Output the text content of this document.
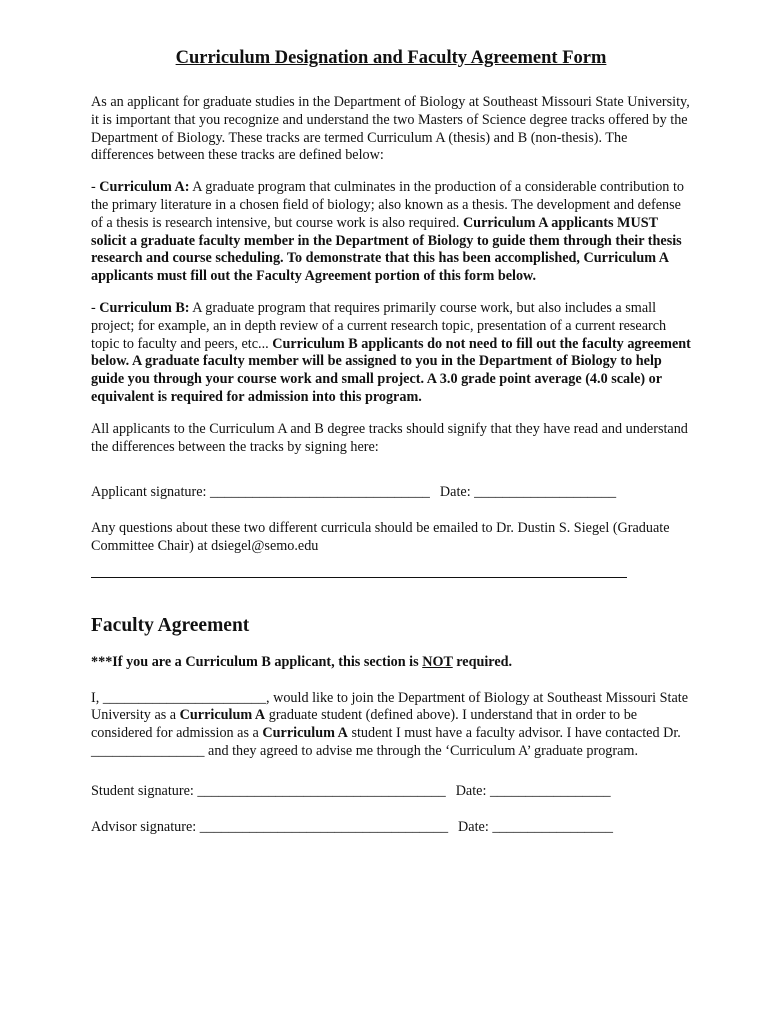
Curriculum Designation and Faculty Agreement Form

As an applicant for graduate studies in the Department of Biology at Southeast Missouri State University, it is important that you recognize and understand the two Masters of Science degree tracks offered by the Department of Biology. These tracks are termed Curriculum A (thesis) and B (non-thesis). The differences between these tracks are defined below:

- Curriculum A: A graduate program that culminates in the production of a considerable contribution to the primary literature in a chosen field of biology; also known as a thesis. The development and defense of a thesis is research intensive, but course work is also required. Curriculum A applicants MUST solicit a graduate faculty member in the Department of Biology to guide them through their thesis research and course scheduling. To demonstrate that this has been accomplished, Curriculum A applicants must fill out the Faculty Agreement portion of this form below.

- Curriculum B: A graduate program that requires primarily course work, but also includes a small project; for example, an in depth review of a current research topic, presentation of a current research topic to faculty and peers, etc... Curriculum B applicants do not need to fill out the faculty agreement below. A graduate faculty member will be assigned to you in the Department of Biology to help guide you through your course work and small project. A 3.0 grade point average (4.0 scale) or equivalent is required for admission into this program.

All applicants to the Curriculum A and B degree tracks should signify that they have read and understand the differences between the tracks by signing here:

Applicant signature: _______________________________ Date: ____________________

Any questions about these two different curricula should be emailed to Dr. Dustin S. Siegel (Graduate Committee Chair) at dsiegel@semo.edu

Faculty Agreement

***If you are a Curriculum B applicant, this section is NOT required.

I, _______________________, would like to join the Department of Biology at Southeast Missouri State University as a Curriculum A graduate student (defined above). I understand that in order to be considered for admission as a Curriculum A student I must have a faculty advisor. I have contacted Dr. ________________ and they agreed to advise me through the ‘Curriculum A’ graduate program.

Student signature: ___________________________________ Date: _________________
Advisor signature: ___________________________________ Date: _________________
